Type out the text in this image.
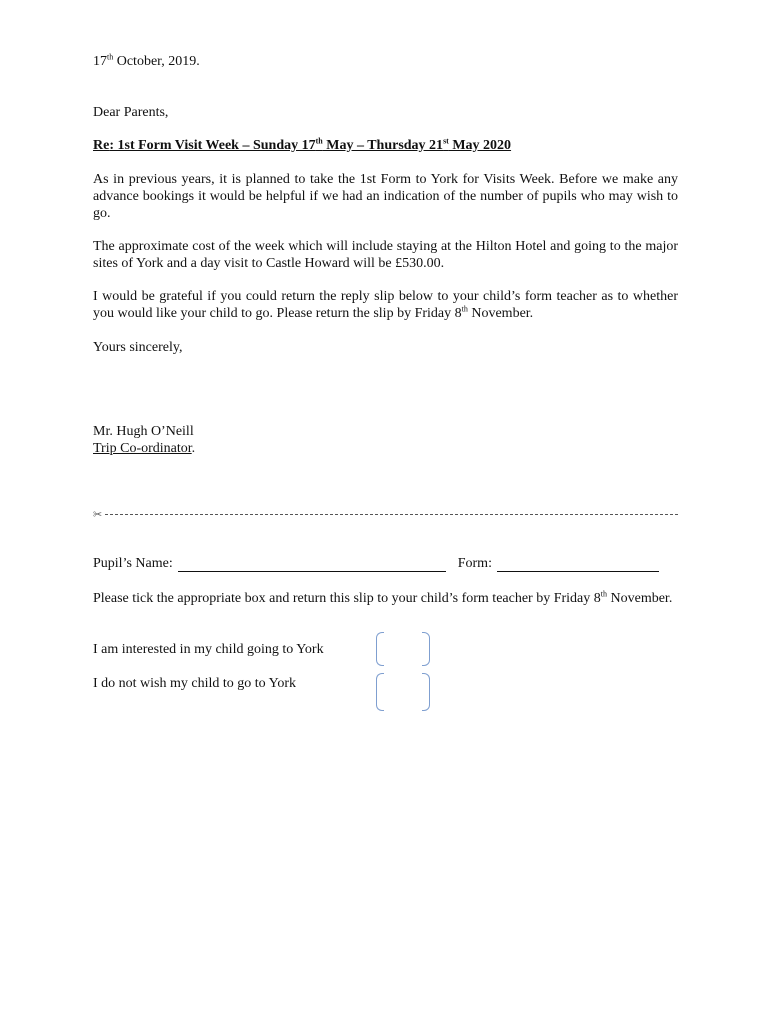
17th October, 2019.

Dear Parents,

Re: 1st Form Visit Week – Sunday 17th May – Thursday 21st May 2020

As in previous years, it is planned to take the 1st Form to York for Visits Week. Before we make any advance bookings it would be helpful if we had an indication of the number of pupils who may wish to go.

The approximate cost of the week which will include staying at the Hilton Hotel and going to the major sites of York and a day visit to Castle Howard will be £530.00.

I would be grateful if you could return the reply slip below to your child’s form teacher as to whether you would like your child to go. Please return the slip by Friday 8th November.

Yours sincerely,

Mr. Hugh O’Neill

Trip Co-ordinator.

✂
Pupil’s Name:	Form:

Please tick the appropriate box and return this slip to your child’s form teacher by Friday 8th November.

I am interested in my child going to York
I do not wish my child to go to York
